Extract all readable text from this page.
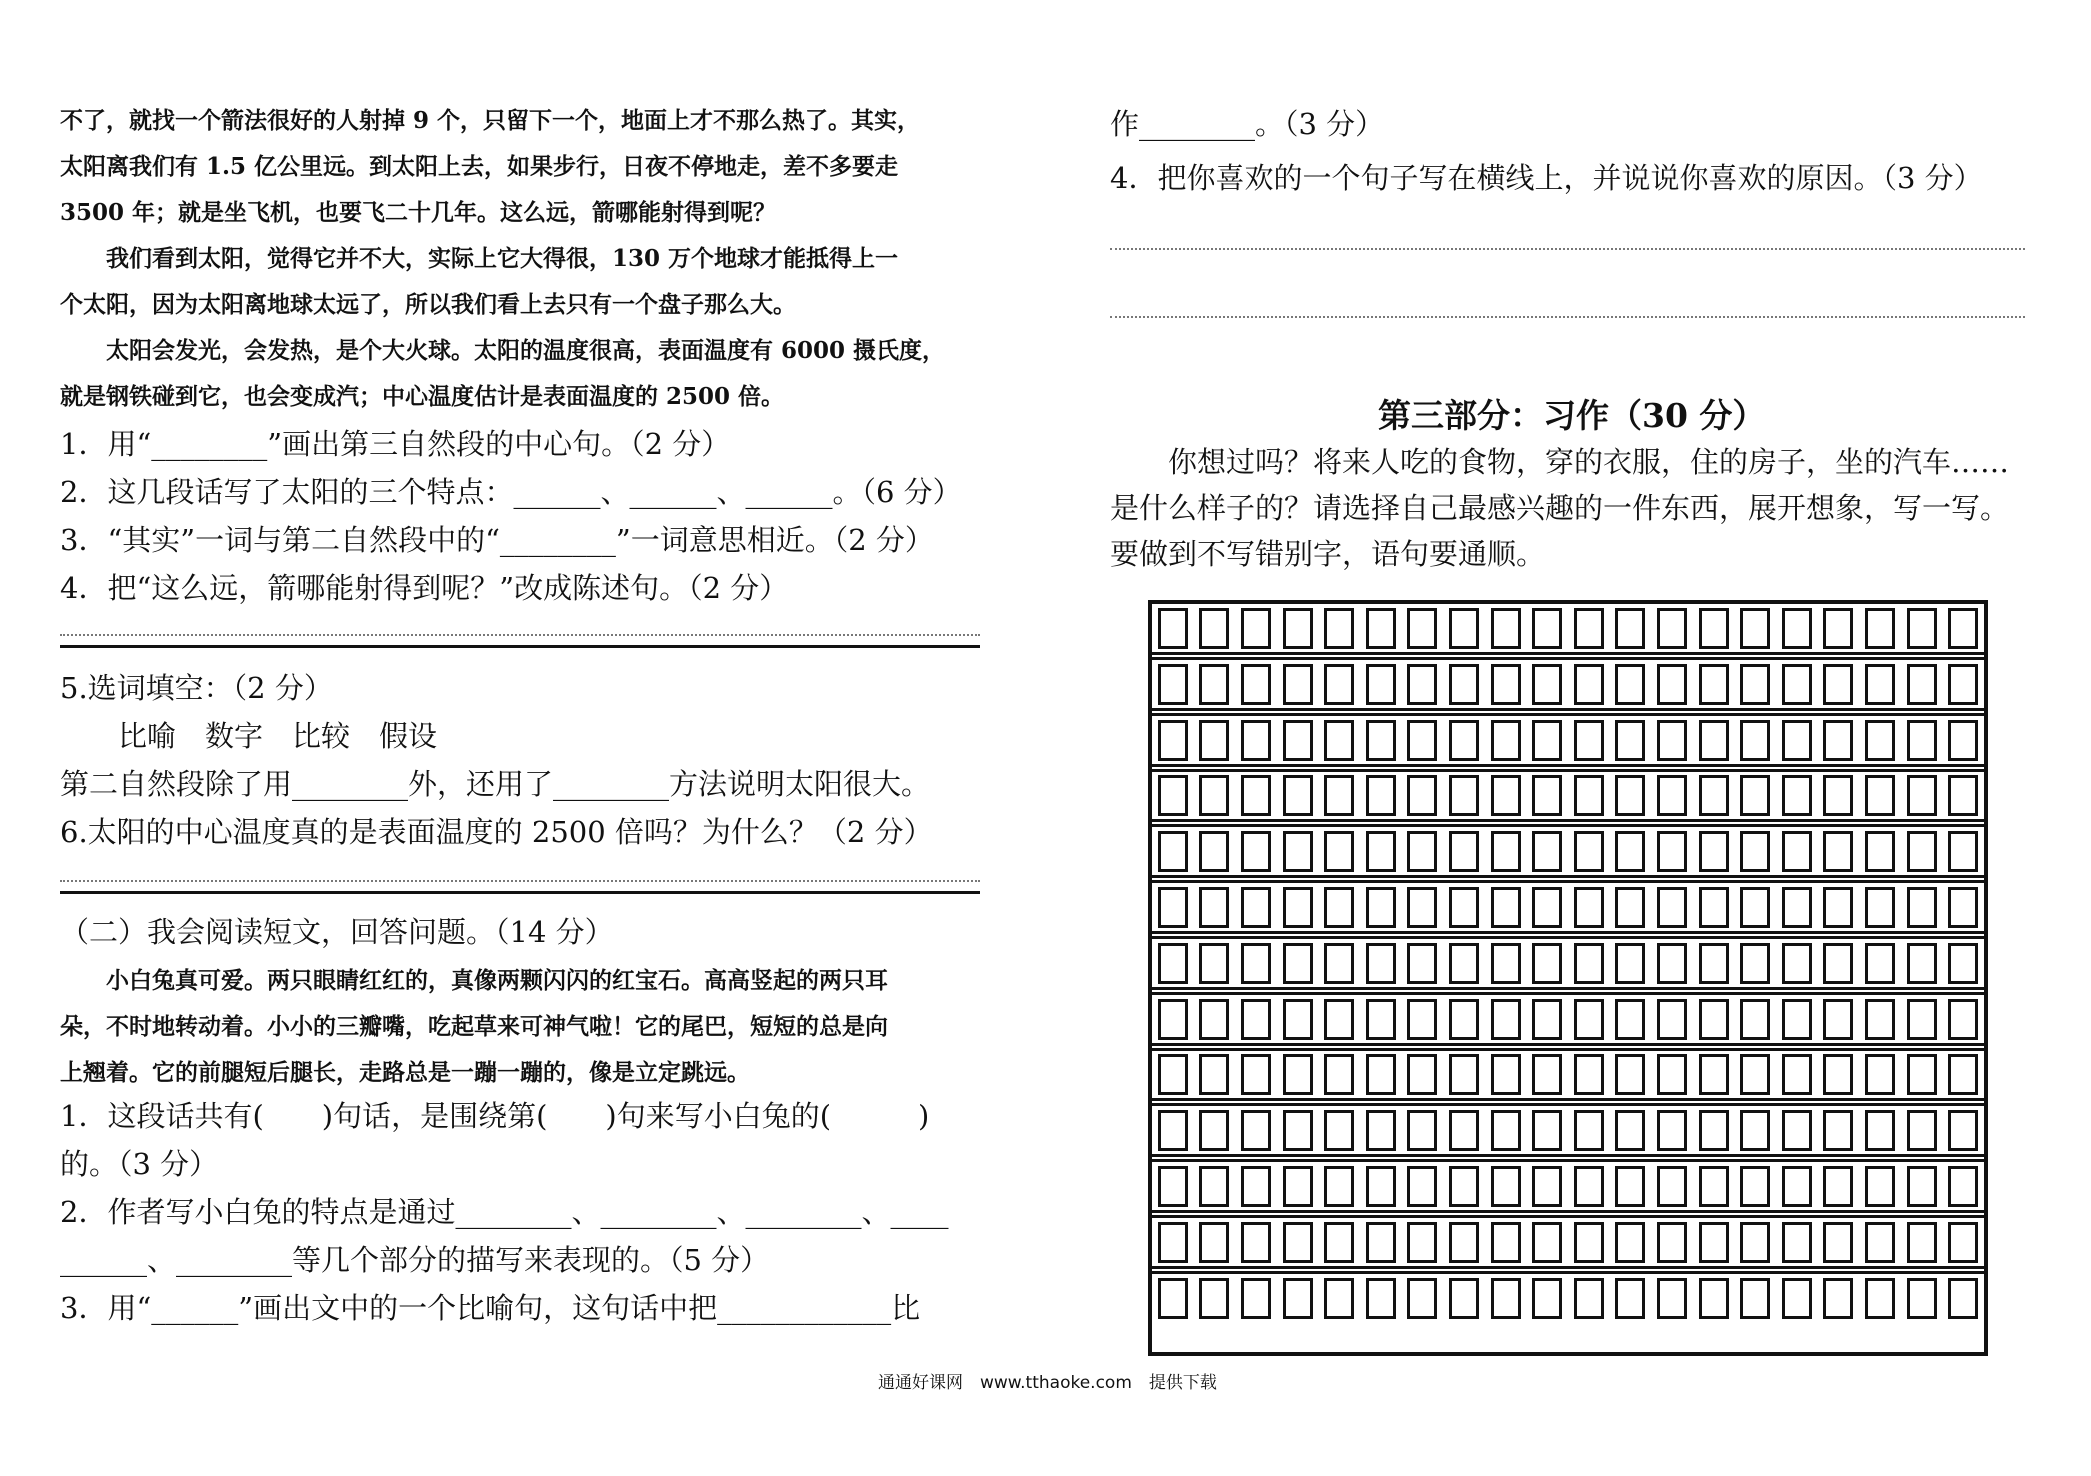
不了，就找一个箭法很好的人射掉 9 个，只留下一个，地面上才不那么热了。其实，
太阳离我们有 1.5 亿公里远。到太阳上去，如果步行，日夜不停地走，差不多要走
3500 年；就是坐飞机，也要飞二十几年。这么远，箭哪能射得到呢？
　　我们看到太阳，觉得它并不大，实际上它大得很，130 万个地球才能抵得上一
个太阳，因为太阳离地球太远了，所以我们看上去只有一个盘子那么大。
　　太阳会发光，会发热，是个大火球。太阳的温度很高，表面温度有 6000 摄氏度，
就是钢铁碰到它，也会变成汽；中心温度估计是表面温度的 2500 倍。
1．用“________”画出第三自然段的中心句。（2 分）
2．这几段话写了太阳的三个特点：______、______、______。（6 分）
3．“其实”一词与第二自然段中的“________”一词意思相近。（2 分）
4．把“这么远，箭哪能射得到呢？”改成陈述句。（2 分）
5.选词填空：（2 分）
　　比喻　数字　比较　假设
第二自然段除了用________外，还用了________方法说明太阳很大。
6.太阳的中心温度真的是表面温度的 2500 倍吗？为什么？（2 分）
（二）我会阅读短文，回答问题。（14 分）
　　小白兔真可爱。两只眼睛红红的，真像两颗闪闪的红宝石。高高竖起的两只耳
朵，不时地转动着。小小的三瓣嘴，吃起草来可神气啦！它的尾巴，短短的总是向
上翘着。它的前腿短后腿长，走路总是一蹦一蹦的，像是立定跳远。
1．这段话共有(　　)句话，是围绕第(　　)句来写小白兔的(　　　)
的。（3 分）
2．作者写小白兔的特点是通过________、________、________、____
______、________等几个部分的描写来表现的。（5 分）
3．用“______”画出文中的一个比喻句，这句话中把____________比
作________。（3 分）
4．把你喜欢的一个句子写在横线上，并说说你喜欢的原因。（3 分）
第三部分：习作（30 分）
　　你想过吗？将来人吃的食物，穿的衣服，住的房子，坐的汽车……
是什么样子的？请选择自己最感兴趣的一件东西，展开想象，写一写。
要做到不写错别字，语句要通顺。
通通好课网　www.tthaoke.com　提供下载
